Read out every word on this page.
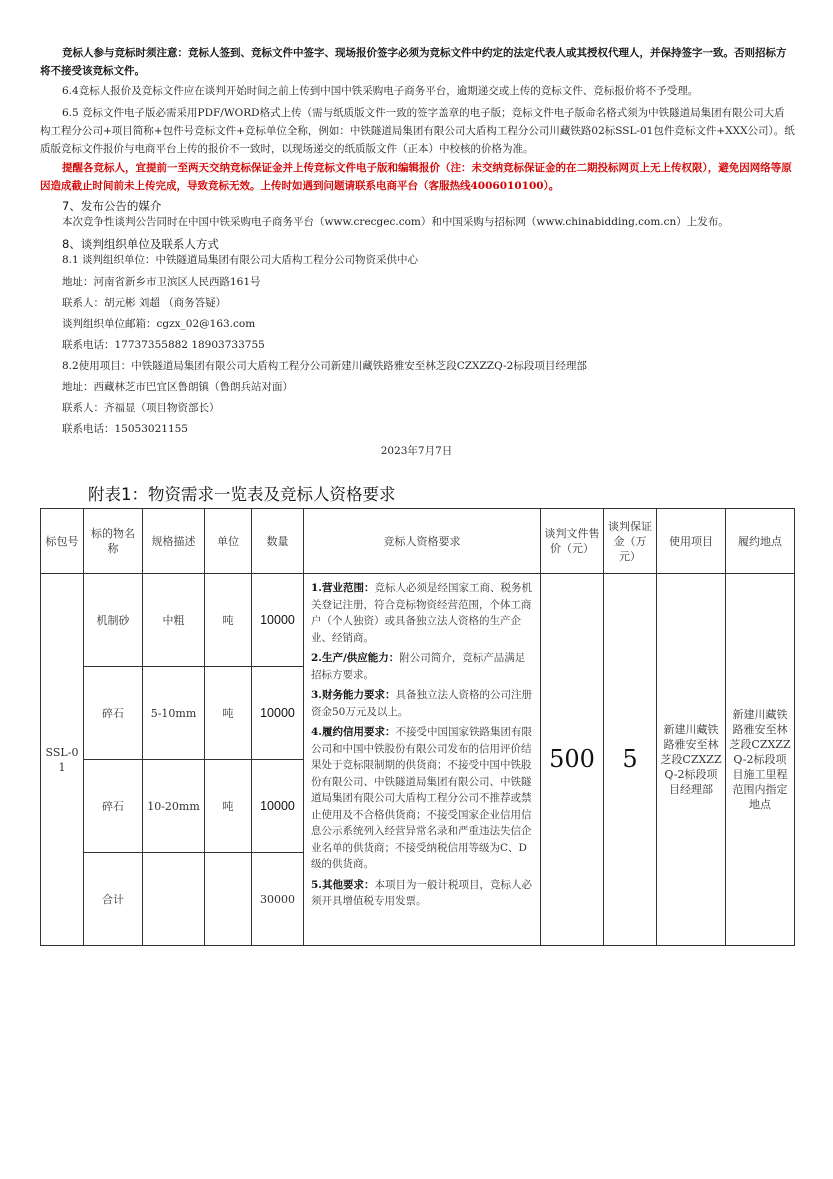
竞标人参与竞标时须注意：竞标人签到、竞标文件中签字、现场报价签字必须为竞标文件中约定的法定代表人或其授权代理人，并保持签字一致。否则招标方将不接受该竞标文件。

6.4竞标人报价及竞标文件应在谈判开始时间之前上传到中国中铁采购电子商务平台，逾期递交或上传的竞标文件、竞标报价将不予受理。

6.5 竞标文件电子版必需采用PDF/WORD格式上传（需与纸质版文件一致的签字盖章的电子版；竞标文件电子版命名格式须为中铁隧道局集团有限公司大盾构工程分公司+项目简称+包件号竞标文件+竞标单位全称，例如：中铁隧道局集团有限公司大盾构工程分公司川藏铁路02标SSL-01包件竞标文件+XXX公司）。纸质版竞标文件报价与电商平台上传的报价不一致时，以现场递交的纸质版文件（正本）中校核的价格为准。

提醒各竞标人，宜提前一至两天交纳竞标保证金并上传竞标文件电子版和编辑报价（注：未交纳竞标保证金的在二期投标网页上无上传权限），避免因网络等原因造成截止时间前未上传完成，导致竞标无效。上传时如遇到问题请联系电商平台（客服热线4006010100）。

7、发布公告的媒介

本次竞争性谈判公告同时在中国中铁采购电子商务平台（www.crecgec.com）和中国采购与招标网（www.chinabidding.com.cn）上发布。

8、谈判组织单位及联系人方式

8.1 谈判组织单位：中铁隧道局集团有限公司大盾构工程分公司物资采供中心

地址：河南省新乡市卫滨区人民西路161号

联系人：胡元彬 刘超 （商务答疑）

谈判组织单位邮箱：cgzx_02@163.com

联系电话：17737355882 18903733755

8.2使用项目：中铁隧道局集团有限公司大盾构工程分公司新建川藏铁路雅安至林芝段CZXZZQ-2标段项目经理部

地址：西藏林芝市巴宜区鲁朗镇（鲁朗兵站对面）

联系人：齐福显（项目物资部长）

联系电话：15053021155

2023年7月7日
附表1：物资需求一览表及竞标人资格要求
标包号	标的物名称	规格描述	单位	数量	竞标人资格要求	谈判文件售价（元）	谈判保证金（万元）	使用项目	履约地点
SSL-01	机制砂	中粗	吨	10000	1.营业范围：竞标人必须是经国家工商、税务机关登记注册，符合竞标物资经营范围，个体工商户（个人独资）或具备独立法人资格的生产企业、经销商。

2.生产/供应能力：附公司简介，竞标产品满足招标方要求。

3.财务能力要求：具备独立法人资格的公司注册资金50万元及以上。

4.履约信用要求：不接受中国国家铁路集团有限公司和中国中铁股份有限公司发布的信用评价结果处于竞标限制期的供货商；不接受中国中铁股份有限公司、中铁隧道局集团有限公司、中铁隧道局集团有限公司大盾构工程分公司不推荐或禁止使用及不合格供货商；不接受国家企业信用信息公示系统列入经营异常名录和严重违法失信企业名单的供货商；不接受纳税信用等级为C、D级的供货商。

5.其他要求：本项目为一般计税项目，竞标人必须开具增值税专用发票。	500	5	新建川藏铁路雅安至林芝段CZXZZQ-2标段项目经理部	新建川藏铁路雅安至林芝段CZXZZQ-2标段项目施工里程范围内指定地点
	碎石	5-10mm	吨	10000					
	碎石	10-20mm	吨	10000					
	合计			30000					
